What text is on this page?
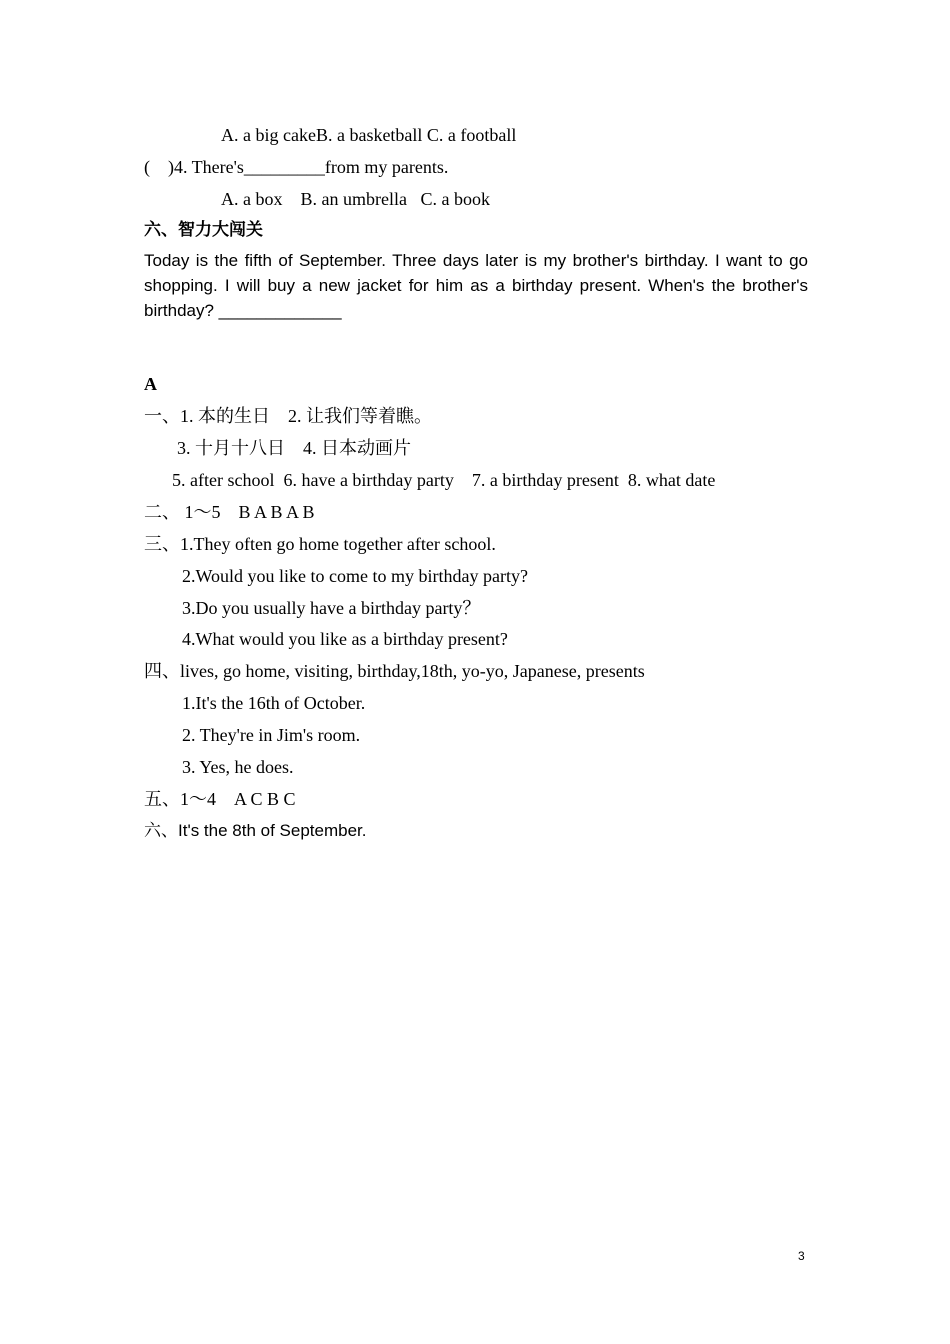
A. a big cakeB. a basketball C. a football
(    )4. There's_________from my parents.
A. a box    B. an umbrella   C. a book
六、智力大闯关
Today is the fifth of September. Three days later is my brother's birthday. I want to go shopping. I will buy a new jacket for him as a birthday present. When's the brother's birthday? _____________
A
一、1. 本的生日    2. 让我们等着瞧。
3. 十月十八日    4. 日本动画片
5. after school  6. have a birthday party    7. a birthday present  8. what date
二、 1～5    B A B A B
三、1.They often go home together after school.
2.Would you like to come to my birthday party?
3.Do you usually have a birthday party？
4.What would you like as a birthday present?
四、lives, go home, visiting, birthday,18th, yo-yo, Japanese, presents
1.It's the 16th of October.
2. They're in Jim's room.
3. Yes, he does.
五、1～4    A C B C
六、It's the 8th of September.
3
